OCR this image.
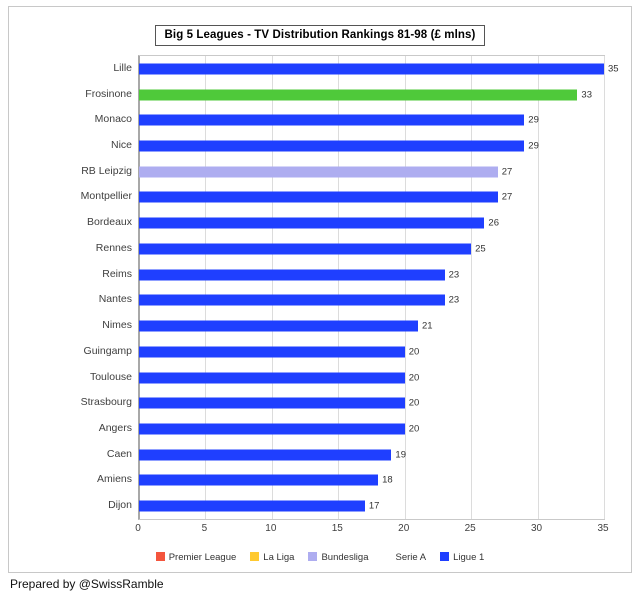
Big 5 Leagues - TV Distribution Rankings 81-98 (£ mlns)
Lille
Frosinone
Monaco
Nice
RB Leipzig
Montpellier
Bordeaux
Rennes
Reims
Nantes
Nimes
Guingamp
Toulouse
Strasbourg
Angers
Caen
Amiens
Dijon
35
33
29
29
27
27
26
25
23
23
21
20
20
20
20
19
18
17
0	5	10	15	20	25	30	35
Premier League	La Liga	Bundesliga	Serie A	Ligue 1
Prepared by @SwissRamble
